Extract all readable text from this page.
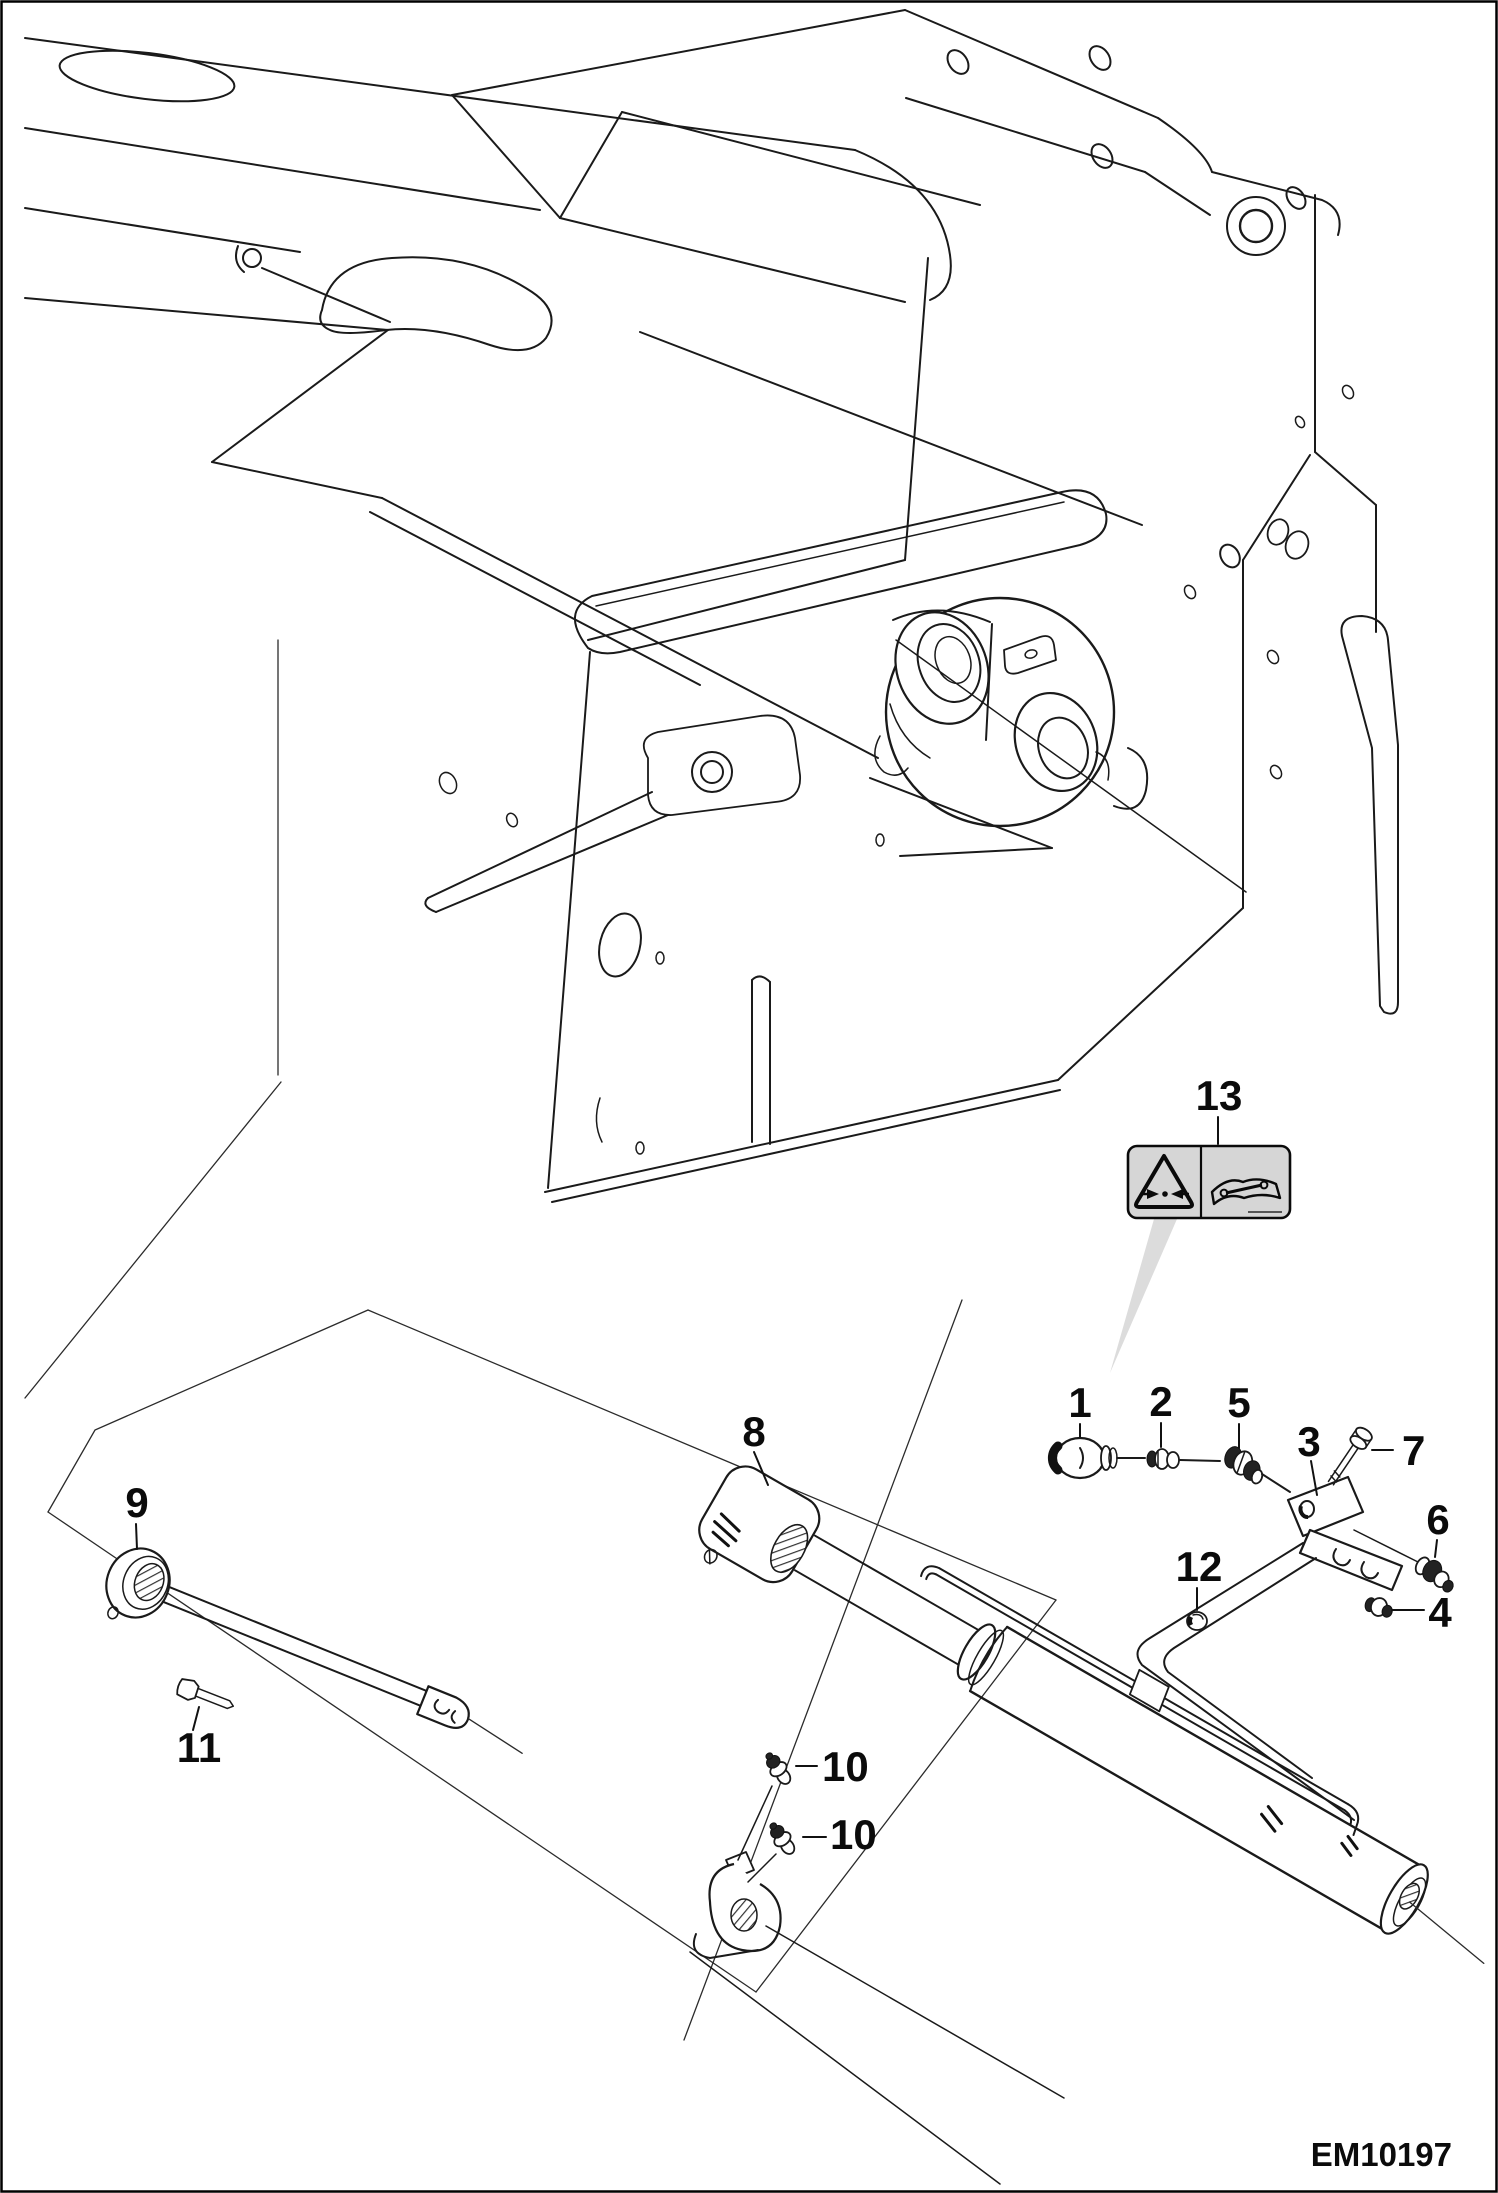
1 2 5
3 7
6
4
12
8
9
10
10
11
13
EM10197
